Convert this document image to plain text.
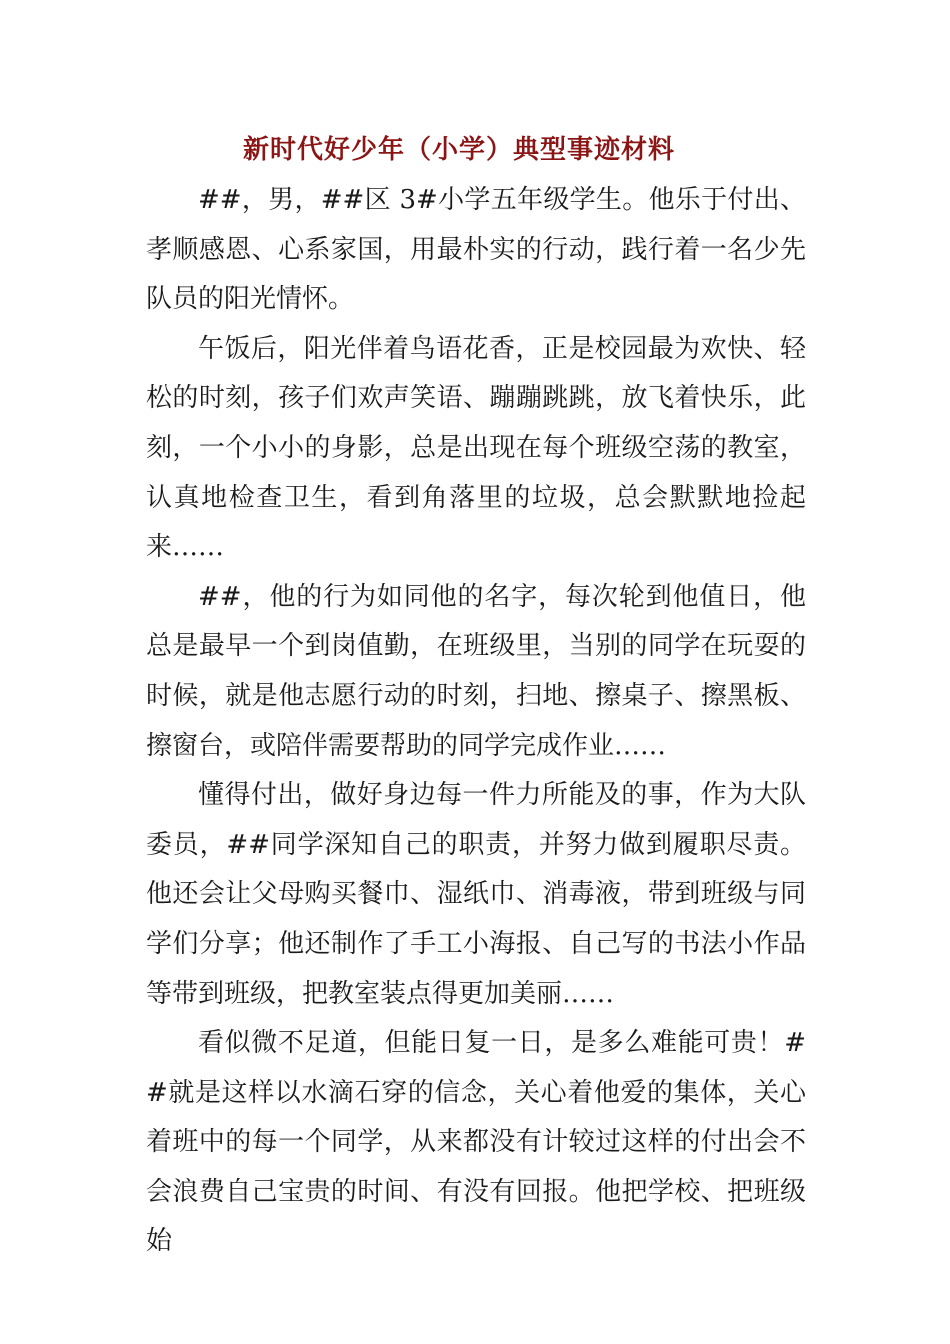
新时代好少年（小学）典型事迹材料

##，男，##区 3#小学五年级学生。他乐于付出、孝顺感恩、心系家国，用最朴实的行动，践行着一名少先队员的阳光情怀。

午饭后，阳光伴着鸟语花香，正是校园最为欢快、轻松的时刻，孩子们欢声笑语、蹦蹦跳跳，放飞着快乐，此刻，一个小小的身影，总是出现在每个班级空荡的教室，认真地检查卫生，看到角落里的垃圾，总会默默地捡起来……

##，他的行为如同他的名字，每次轮到他值日，他总是最早一个到岗值勤，在班级里，当别的同学在玩耍的时候，就是他志愿行动的时刻，扫地、擦桌子、擦黑板、擦窗台，或陪伴需要帮助的同学完成作业……

懂得付出，做好身边每一件力所能及的事，作为大队委员，##同学深知自己的职责，并努力做到履职尽责。他还会让父母购买餐巾、湿纸巾、消毒液，带到班级与同学们分享；他还制作了手工小海报、自己写的书法小作品等带到班级，把教室装点得更加美丽……

看似微不足道，但能日复一日，是多么难能可贵！##就是这样以水滴石穿的信念，关心着他爱的集体，关心着班中的每一个同学，从来都没有计较过这样的付出会不会浪费自己宝贵的时间、有没有回报。他把学校、把班级始
